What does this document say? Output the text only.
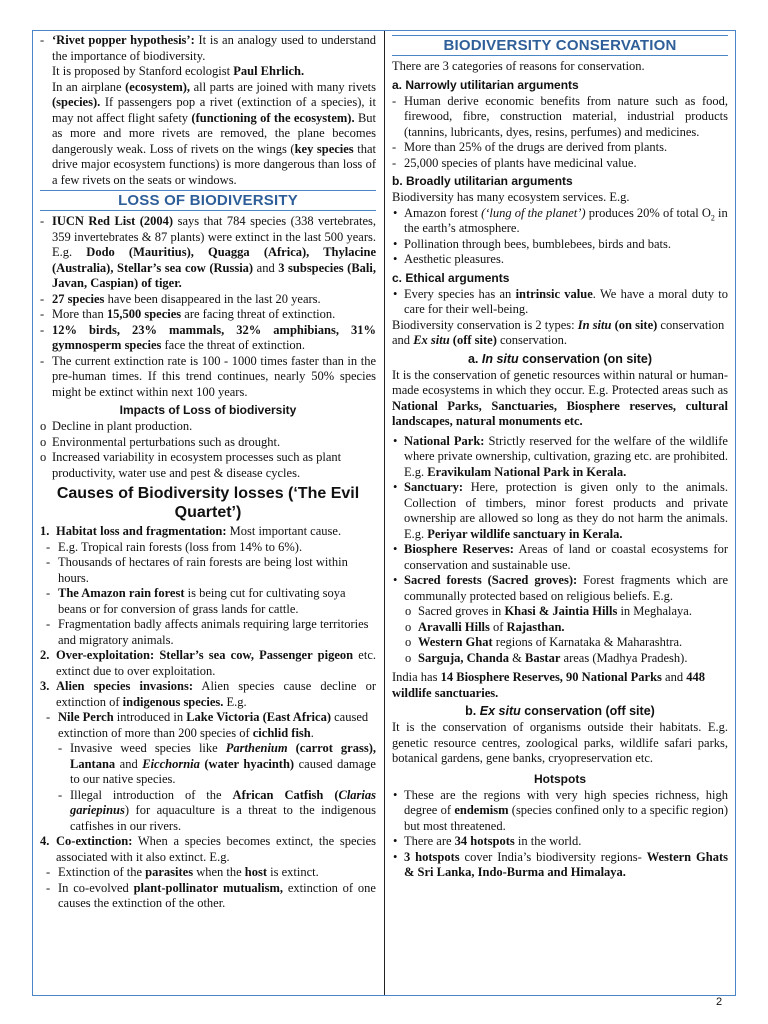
- ‘Rivet popper hypothesis’: It is an analogy used to understand the importance of biodiversity.
It is proposed by Stanford ecologist Paul Ehrlich.
In an airplane (ecosystem), all parts are joined with many rivets (species). If passengers pop a rivet (extinction of a species), it may not affect flight safety (functioning of the ecosystem). But as more and more rivets are removed, the plane becomes dangerously weak. Loss of rivets on the wings (key species that drive major ecosystem functions) is more dangerous than loss of a few rivets on the seats or windows.
LOSS OF BIODIVERSITY
- IUCN Red List (2004) says that 784 species (338 vertebrates, 359 invertebrates & 87 plants) were extinct in the last 500 years. E.g. Dodo (Mauritius), Quagga (Africa), Thylacine (Australia), Stellar’s sea cow (Russia) and 3 subspecies (Bali, Javan, Caspian) of tiger.
- 27 species have been disappeared in the last 20 years.
- More than 15,500 species are facing threat of extinction.
- 12% birds, 23% mammals, 32% amphibians, 31% gymnosperm species face the threat of extinction.
- The current extinction rate is 100 - 1000 times faster than in the pre-human times. If this trend continues, nearly 50% species might be extinct within next 100 years.
Impacts of Loss of biodiversity
o Decline in plant production.
o Environmental perturbations such as drought.
o Increased variability in ecosystem processes such as plant productivity, water use and pest & disease cycles.
Causes of Biodiversity losses (‘The Evil Quartet’)
1. Habitat loss and fragmentation: Most important cause.
- E.g. Tropical rain forests (loss from 14% to 6%).
- Thousands of hectares of rain forests are being lost within hours.
- The Amazon rain forest is being cut for cultivating soya beans or for conversion of grass lands for cattle.
- Fragmentation badly affects animals requiring large territories and migratory animals.
2. Over-exploitation: Stellar’s sea cow, Passenger pigeon etc. extinct due to over exploitation.
3. Alien species invasions: Alien species cause decline or extinction of indigenous species. E.g.
- Nile Perch introduced in Lake Victoria (East Africa) caused extinction of more than 200 species of cichlid fish.
- Invasive weed species like Parthenium (carrot grass), Lantana and Eicchornia (water hyacinth) caused damage to our native species.
- Illegal introduction of the African Catfish (Clarias gariepinus) for aquaculture is a threat to the indigenous catfishes in our rivers.
4. Co-extinction: When a species becomes extinct, the species associated with it also extinct. E.g.
- Extinction of the parasites when the host is extinct.
- In co-evolved plant-pollinator mutualism, extinction of one causes the extinction of the other.
BIODIVERSITY CONSERVATION

There are 3 categories of reasons for conservation.

a. Narrowly utilitarian arguments
- Human derive economic benefits from nature such as food, firewood, fibre, construction material, industrial products (tannins, lubricants, dyes, resins, perfumes) and medicines.
- More than 25% of the drugs are derived from plants.
- 25,000 species of plants have medicinal value.
b. Broadly utilitarian arguments

Biodiversity has many ecosystem services. E.g.

• Amazon forest (‘lung of the planet’) produces 20% of total $O_2$ in the earth’s atmosphere.
• Pollination through bees, bumblebees, birds and bats.
• Aesthetic pleasures.
c. Ethical arguments
• Every species has an intrinsic value. We have a moral duty to care for their well-being.

Biodiversity conservation is 2 types: In situ (on site) conservation and Ex situ (off site) conservation.

a. In situ conservation (on site)

It is the conservation of genetic resources within natural or human-made ecosystems in which they occur. E.g. Protected areas such as National Parks, Sanctuaries, Biosphere reserves, cultural landscapes, natural monuments etc.

• National Park: Strictly reserved for the welfare of the wildlife where private ownership, cultivation, grazing etc. are prohibited. E.g. Eravikulam National Park in Kerala.
• Sanctuary: Here, protection is given only to the animals. Collection of timbers, minor forest products and private ownership are allowed so long as they do not harm the animals. E.g. Periyar wildlife sanctuary in Kerala.
• Biosphere Reserves: Areas of land or coastal ecosystems for conservation and sustainable use.
• Sacred forests (Sacred groves): Forest fragments which are communally protected based on religious beliefs. E.g.
o Sacred groves in Khasi & Jaintia Hills in Meghalaya.
o Aravalli Hills of Rajasthan.
o Western Ghat regions of Karnataka & Maharashtra.
o Sarguja, Chanda & Bastar areas (Madhya Pradesh).

India has 14 Biosphere Reserves, 90 National Parks and 448 wildlife sanctuaries.

b. Ex situ conservation (off site)

It is the conservation of organisms outside their habitats. E.g. genetic resource centres, zoological parks, wildlife safari parks, botanical gardens, gene banks, cryopreservation etc.

Hotspots
• These are the regions with very high species richness, high degree of endemism (species confined only to a specific region) but most threatened.
• There are 34 hotspots in the world.
• 3 hotspots cover India’s biodiversity regions- Western Ghats & Sri Lanka, Indo-Burma and Himalaya.
2
